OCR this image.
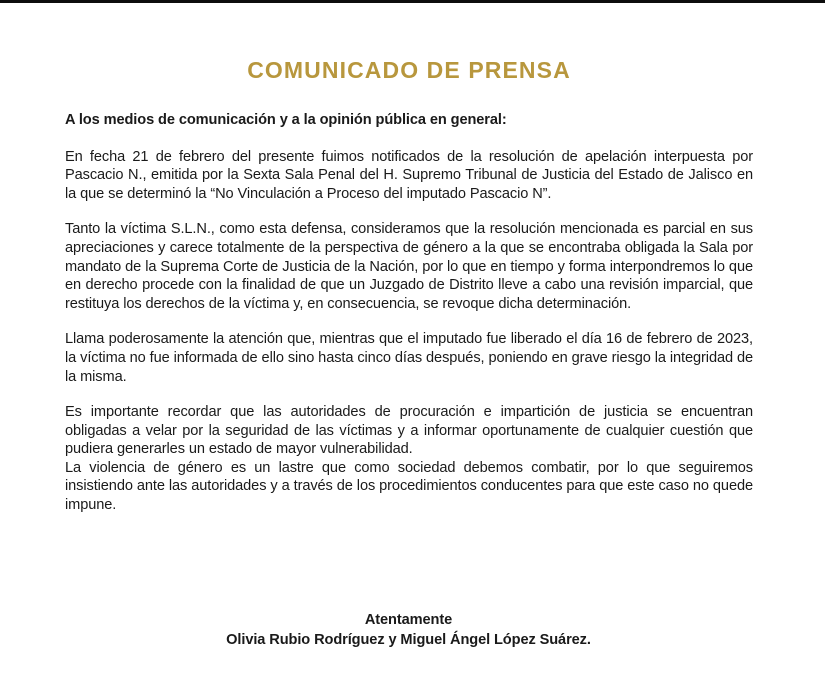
COMUNICADO DE PRENSA

A los medios de comunicación y a la opinión pública en general:

En fecha 21 de febrero del presente fuimos notificados de la resolución de apelación interpuesta por Pascacio N., emitida por la Sexta Sala Penal del H. Supremo Tribunal de Justicia del Estado de Jalisco en la que se determinó la “No Vinculación a Proceso del imputado Pascacio N”.

Tanto la víctima S.L.N., como esta defensa, consideramos que la resolución mencionada es parcial en sus apreciaciones y carece totalmente de la perspectiva de género a la que se encontraba obligada la Sala por mandato de la Suprema Corte de Justicia de la Nación, por lo que en tiempo y forma interpondremos lo que en derecho procede con la finalidad de que un Juzgado de Distrito lleve a cabo una revisión imparcial, que restituya los derechos de la víctima y, en consecuencia, se revoque dicha determinación.

Llama poderosamente la atención que, mientras que el imputado fue liberado el día 16 de febrero de 2023, la víctima no fue informada de ello sino hasta cinco días después, poniendo en grave riesgo la integridad de la misma.

Es importante recordar que las autoridades de procuración e impartición de justicia se encuentran obligadas a velar por la seguridad de las víctimas y a informar oportunamente de cualquier cuestión que pudiera generarles un estado de mayor vulnerabilidad.

La violencia de género es un lastre que como sociedad debemos combatir, por lo que seguiremos insistiendo ante las autoridades y a través de los procedimientos conducentes para que este caso no quede impune.

Atentamente

Olivia Rubio Rodríguez y Miguel Ángel López Suárez.
